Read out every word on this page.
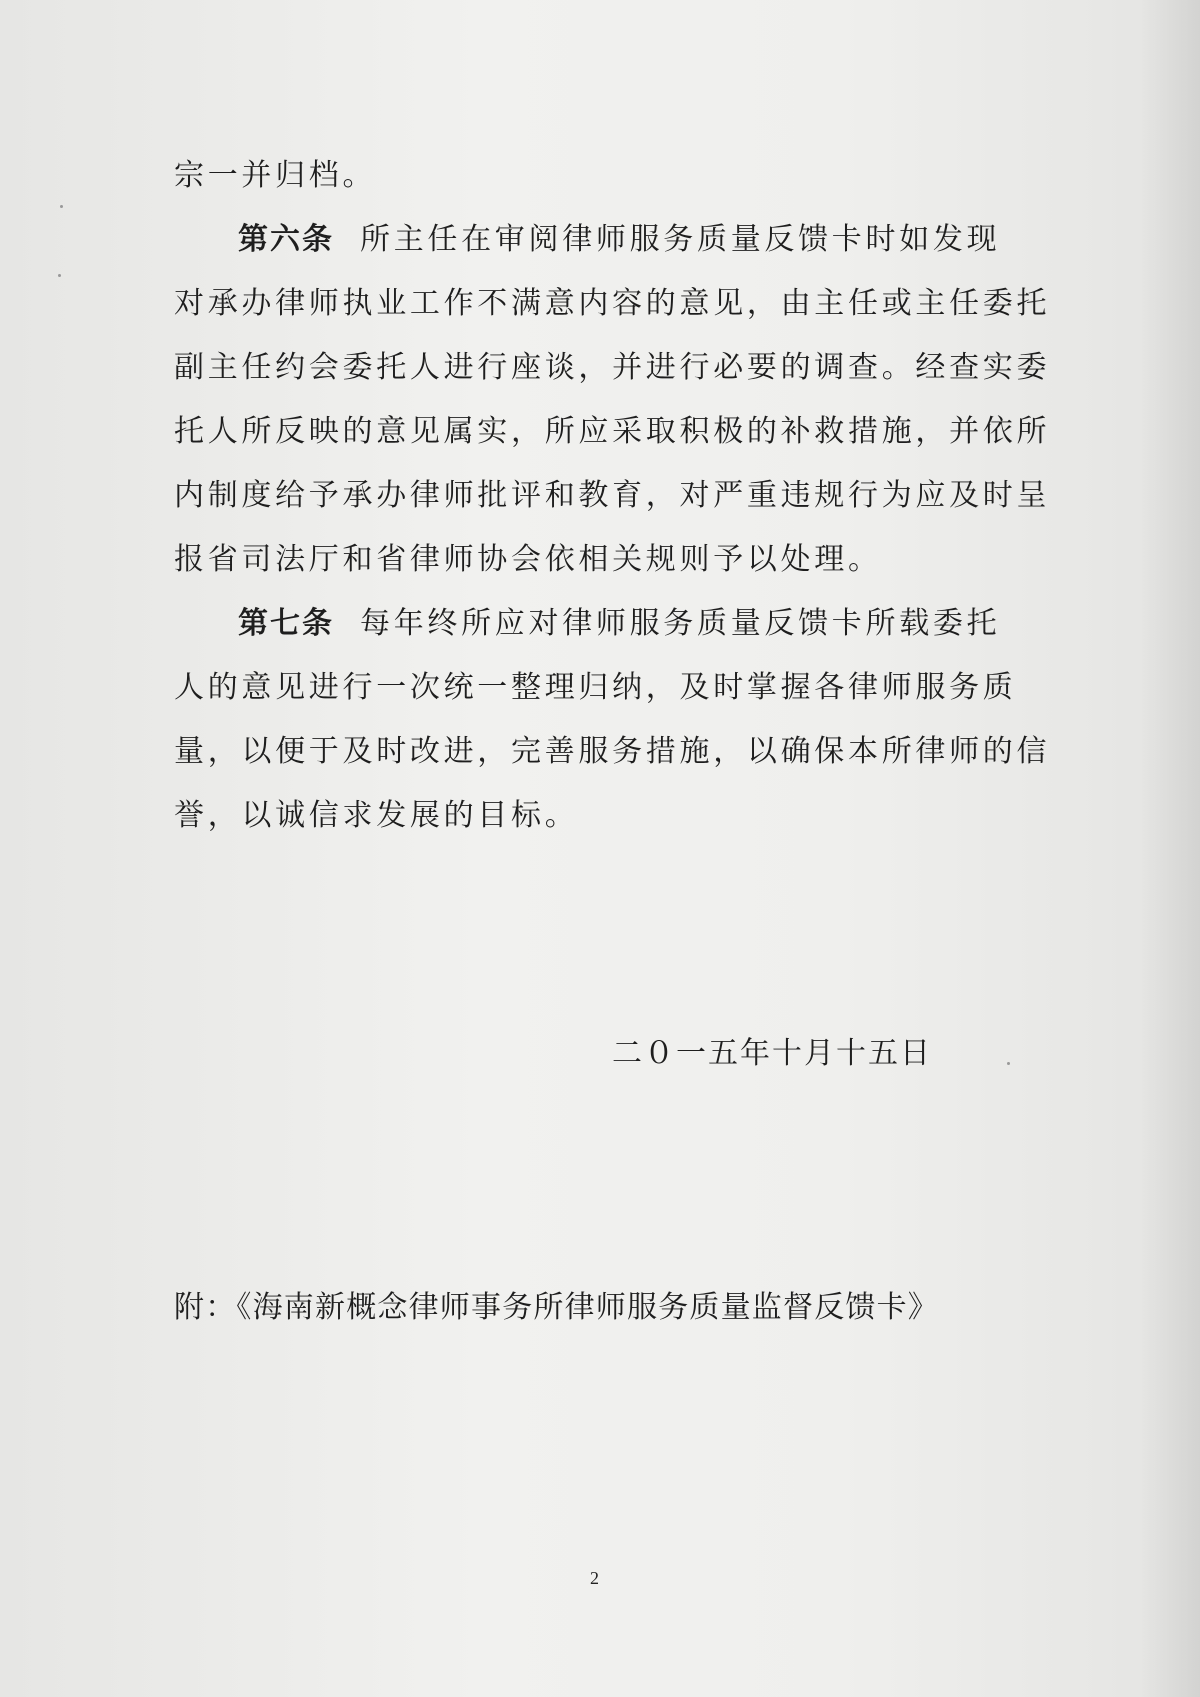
宗一并归档。
第六条 所主任在审阅律师服务质量反馈卡时如发现
对承办律师执业工作不满意内容的意见，由主任或主任委托
副主任约会委托人进行座谈，并进行必要的调查。经查实委
托人所反映的意见属实，所应采取积极的补救措施，并依所
内制度给予承办律师批评和教育，对严重违规行为应及时呈
报省司法厅和省律师协会依相关规则予以处理。
第七条 每年终所应对律师服务质量反馈卡所载委托
人的意见进行一次统一整理归纳，及时掌握各律师服务质
量，以便于及时改进，完善服务措施，以确保本所律师的信
誉，以诚信求发展的目标。
二０一五年十月十五日
附：《海南新概念律师事务所律师服务质量监督反馈卡》
2
